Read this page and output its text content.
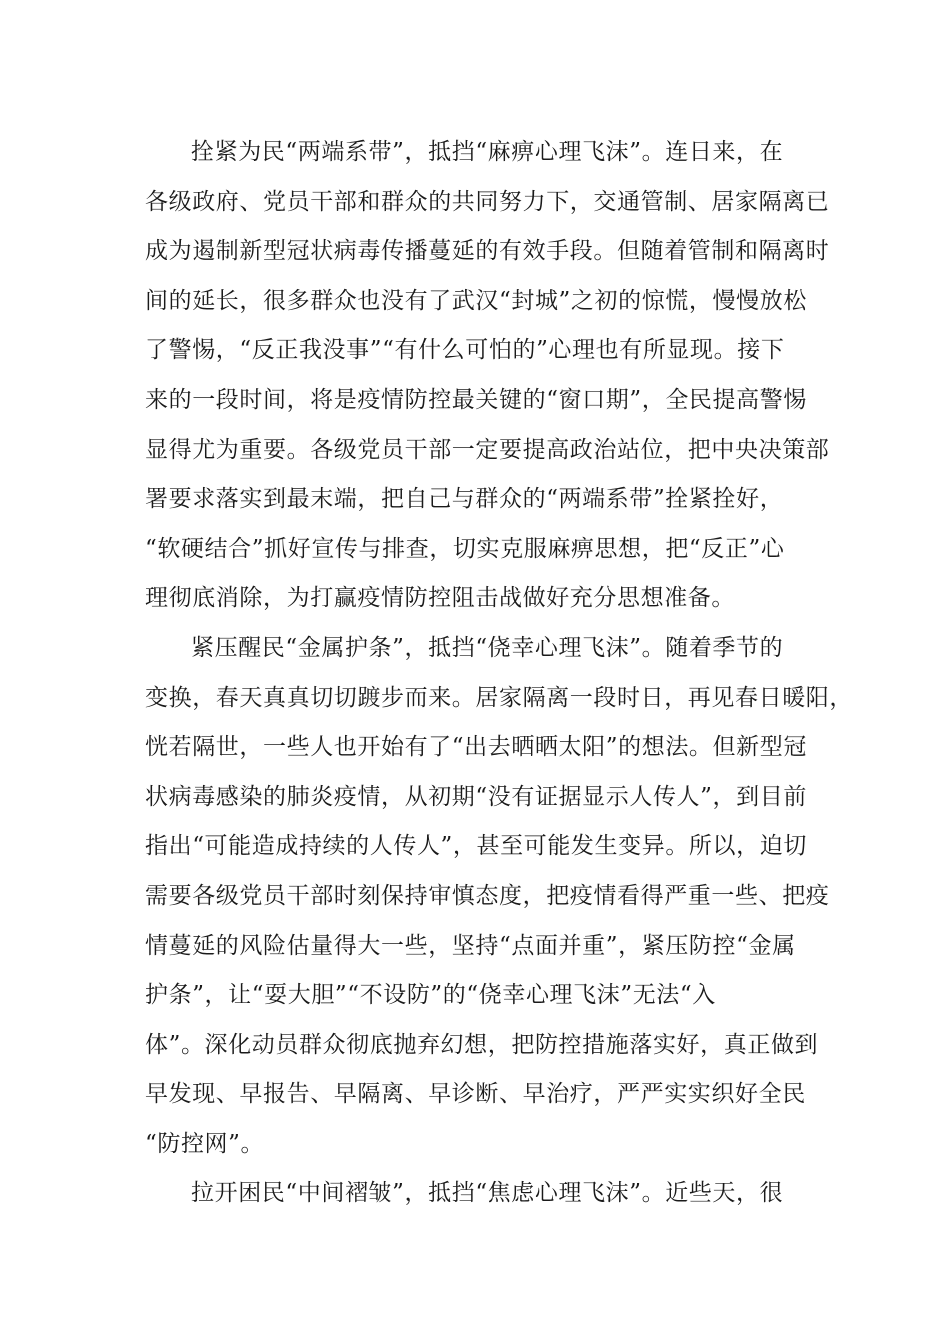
拴紧为民“两端系带”，抵挡“麻痹心理飞沫”。连日来，在
各级政府、党员干部和群众的共同努力下，交通管制、居家隔离已
成为遏制新型冠状病毒传播蔓延的有效手段。但随着管制和隔离时
间的延长，很多群众也没有了武汉“封城”之初的惊慌，慢慢放松
了警惕，“反正我没事”“有什么可怕的”心理也有所显现。接下
来的一段时间，将是疫情防控最关键的“窗口期”，全民提高警惕
显得尤为重要。各级党员干部一定要提高政治站位，把中央决策部
署要求落实到最末端，把自己与群众的“两端系带”拴紧拴好，
“软硬结合”抓好宣传与排查，切实克服麻痹思想，把“反正”心
理彻底消除，为打赢疫情防控阻击战做好充分思想准备。
紧压醒民“金属护条”，抵挡“侥幸心理飞沫”。随着季节的
变换，春天真真切切踱步而来。居家隔离一段时日，再见春日暖阳，
恍若隔世，一些人也开始有了“出去晒晒太阳”的想法。但新型冠
状病毒感染的肺炎疫情，从初期“没有证据显示人传人”，到目前
指出“可能造成持续的人传人”，甚至可能发生变异。所以，迫切
需要各级党员干部时刻保持审慎态度，把疫情看得严重一些、把疫
情蔓延的风险估量得大一些，坚持“点面并重”，紧压防控“金属
护条”，让“耍大胆”“不设防”的“侥幸心理飞沫”无法“入
体”。深化动员群众彻底抛弃幻想，把防控措施落实好，真正做到
早发现、早报告、早隔离、早诊断、早治疗，严严实实织好全民
“防控网”。
拉开困民“中间褶皱”，抵挡“焦虑心理飞沫”。近些天，很
